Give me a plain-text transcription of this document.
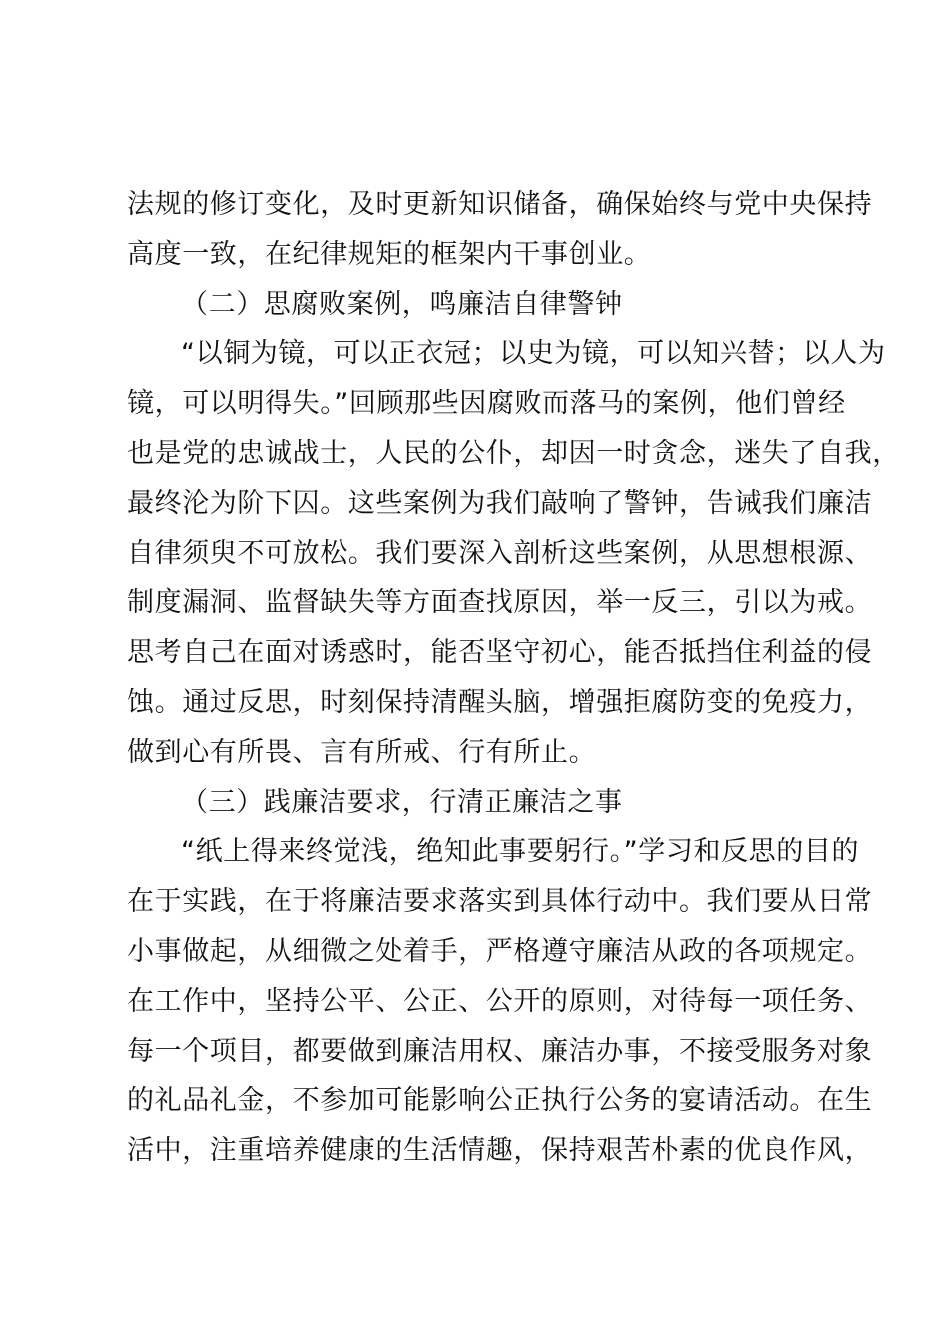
法规的修订变化，及时更新知识储备，确保始终与党中央保持
高度一致，在纪律规矩的框架内干事创业。
（二）思腐败案例，鸣廉洁自律警钟
“以铜为镜，可以正衣冠；以史为镜，可以知兴替；以人为
镜，可以明得失。”回顾那些因腐败而落马的案例，他们曾经
也是党的忠诚战士，人民的公仆，却因一时贪念，迷失了自我，
最终沦为阶下囚。这些案例为我们敲响了警钟，告诫我们廉洁
自律须臾不可放松。我们要深入剖析这些案例，从思想根源、
制度漏洞、监督缺失等方面查找原因，举一反三，引以为戒。
思考自己在面对诱惑时，能否坚守初心，能否抵挡住利益的侵
蚀。通过反思，时刻保持清醒头脑，增强拒腐防变的免疫力，
做到心有所畏、言有所戒、行有所止。
（三）践廉洁要求，行清正廉洁之事
“纸上得来终觉浅，绝知此事要躬行。”学习和反思的目的
在于实践，在于将廉洁要求落实到具体行动中。我们要从日常
小事做起，从细微之处着手，严格遵守廉洁从政的各项规定。
在工作中，坚持公平、公正、公开的原则，对待每一项任务、
每一个项目，都要做到廉洁用权、廉洁办事，不接受服务对象
的礼品礼金，不参加可能影响公正执行公务的宴请活动。在生
活中，注重培养健康的生活情趣，保持艰苦朴素的优良作风，
